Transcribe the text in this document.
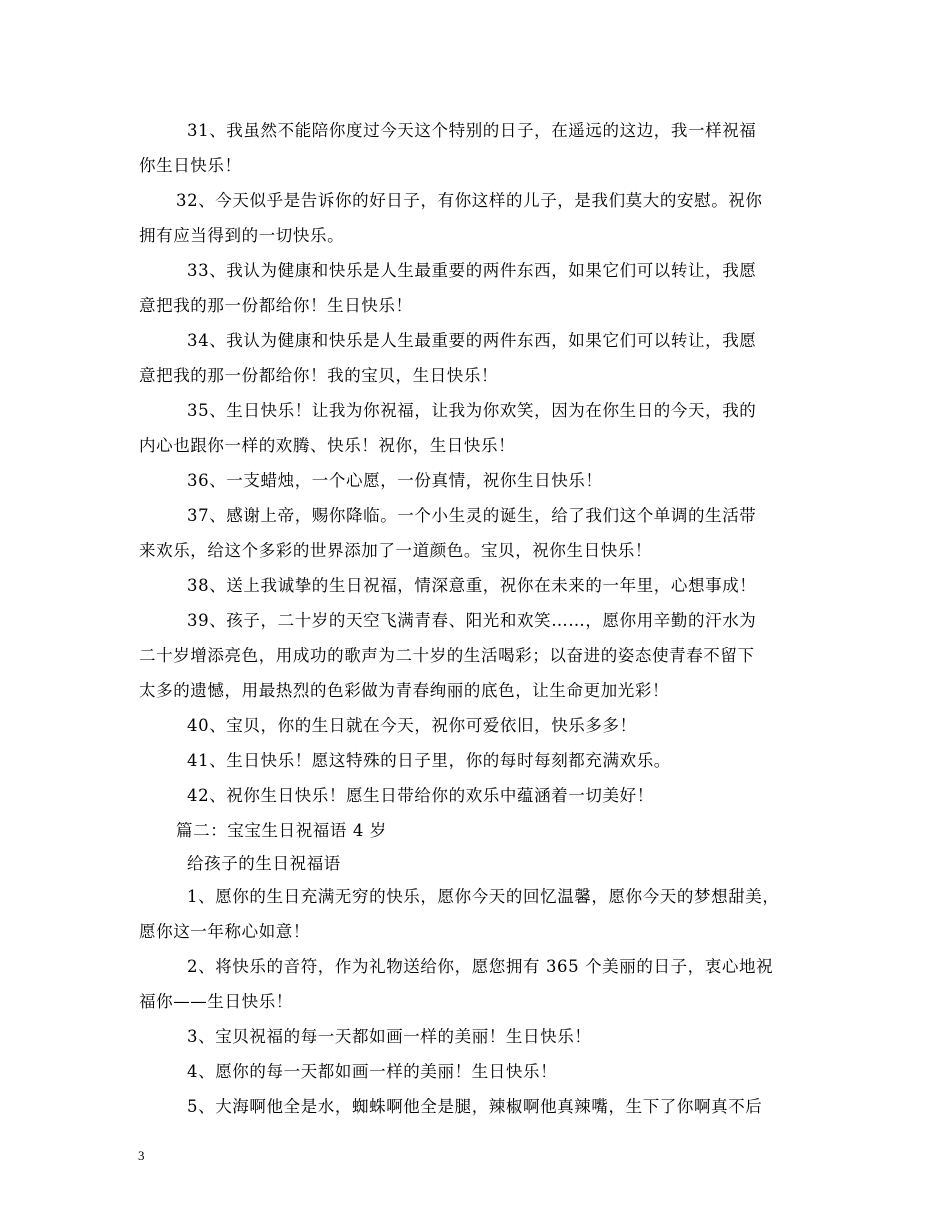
31、我虽然不能陪你度过今天这个特别的日子，在遥远的这边，我一样祝福
你生日快乐！
32、今天似乎是告诉你的好日子，有你这样的儿子，是我们莫大的安慰。祝你
拥有应当得到的一切快乐。
33、我认为健康和快乐是人生最重要的两件东西，如果它们可以转让，我愿
意把我的那一份都给你！生日快乐！
34、我认为健康和快乐是人生最重要的两件东西，如果它们可以转让，我愿
意把我的那一份都给你！我的宝贝，生日快乐！
35、生日快乐！让我为你祝福，让我为你欢笑，因为在你生日的今天，我的
内心也跟你一样的欢腾、快乐！祝你，生日快乐！
36、一支蜡烛，一个心愿，一份真情，祝你生日快乐！
37、感谢上帝，赐你降临。一个小生灵的诞生，给了我们这个单调的生活带
来欢乐，给这个多彩的世界添加了一道颜色。宝贝，祝你生日快乐！
38、送上我诚挚的生日祝福，情深意重，祝你在未来的一年里，心想事成！
39、孩子，二十岁的天空飞满青春、阳光和欢笑……，愿你用辛勤的汗水为
二十岁增添亮色，用成功的歌声为二十岁的生活喝彩；以奋进的姿态使青春不留下
太多的遗憾，用最热烈的色彩做为青春绚丽的底色，让生命更加光彩！
40、宝贝，你的生日就在今天，祝你可爱依旧，快乐多多！
41、生日快乐！愿这特殊的日子里，你的每时每刻都充满欢乐。
42、祝你生日快乐！愿生日带给你的欢乐中蕴涵着一切美好！
篇二：宝宝生日祝福语 4 岁
给孩子的生日祝福语
1、愿你的生日充满无穷的快乐，愿你今天的回忆温馨，愿你今天的梦想甜美，
愿你这一年称心如意！
2、将快乐的音符，作为礼物送给你，愿您拥有 365 个美丽的日子，衷心地祝
福你——生日快乐！
3、宝贝祝福的每一天都如画一样的美丽！生日快乐！
4、愿你的每一天都如画一样的美丽！生日快乐！
5、大海啊他全是水，蜘蛛啊他全是腿，辣椒啊他真辣嘴，生下了你啊真不后
3
